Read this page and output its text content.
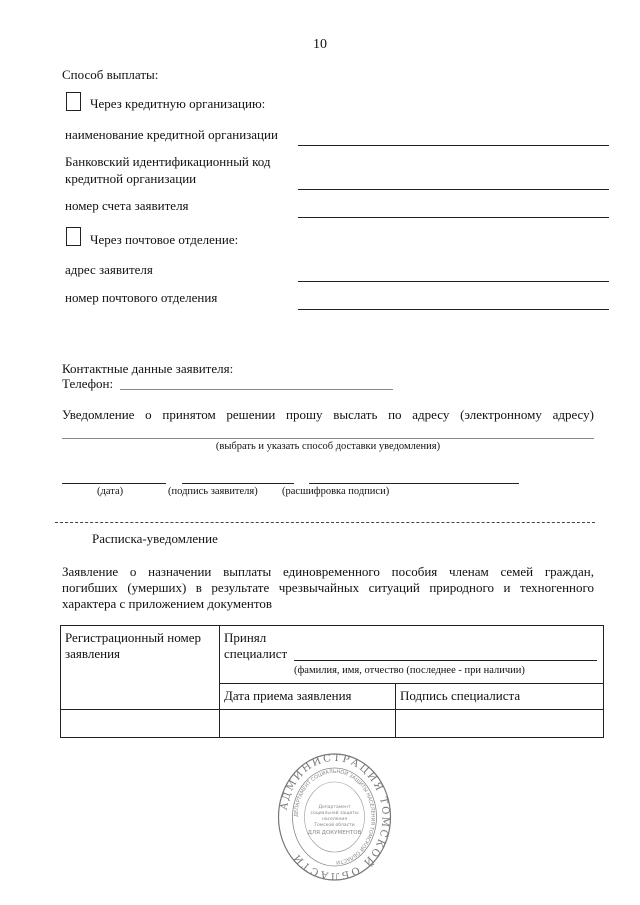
10
Способ выплаты:
Через кредитную организацию:
наименование кредитной организации
Банковский идентификационный код
кредитной организации
номер счета заявителя
Через почтовое отделение:
адрес заявителя
номер почтового отделения
Контактные данные заявителя:
Телефон:
Уведомление о принятом решении прошу выслать по адресу (электронному адресу)
(выбрать и указать способ доставки уведомления)
(дата)	(подпись заявителя) (расшифровка подписи)
Расписка-уведомление
Заявление о назначении выплаты единовременного пособия членам семей граждан,
погибших (умерших) в результате чрезвычайных ситуаций природного и техногенного
характера с приложением документов
Регистрационный номер заявления	Принял
специалист
(фамилия, имя, отчество (последнее - при наличии)	

	Дата приема заявления	Подпись специалиста

АДМИНИСТРАЦИЯ ТОМСКОЙ ОБЛАСТИ
ДЕПАРТАМЕНТ СОЦИАЛЬНОЙ ЗАЩИТЫ НАСЕЛЕНИЯ ТОМСКОЙ ОБЛАСТИ
Департамент
социальной защиты
населения
Томской области
ДЛЯ ДОКУМЕНТОВ
